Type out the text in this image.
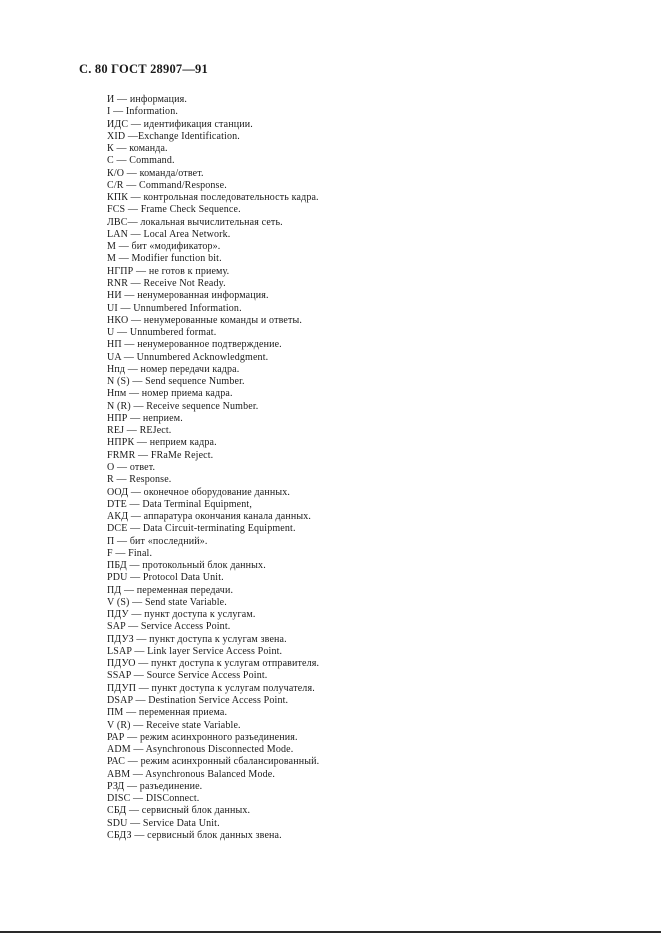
С. 80 ГОСТ 28907—91
И — информация.
I — Information.
ИДС — идентификация станции.
XID —Exchange Identification.
К — команда.
С — Command.
К/О — команда/ответ.
C/R — Command/Response.
КПК — контрольная последовательность кадра.
FCS — Frame Check Sequence.
ЛВС— локальная вычислительная сеть.
LAN — Local Area Network.
М — бит «модификатор».
М — Modifier function bit.
НГПР — не готов к приему.
RNR — Receive Not Ready.
НИ — ненумерованная информация.
UI — Unnumbered Information.
НКО — ненумерованные команды и ответы.
U — Unnumbered format.
НП — ненумерованное подтверждение.
UA — Unnumbered Acknowledgment.
Нпд — номер передачи кадра.
N (S) — Send sequence Number.
Нпм — номер приема кадра.
N (R) — Receive sequence Number.
НПР — неприем.
REJ — REJect.
НПРК — неприем кадра.
FRMR — FRaMe Reject.
О — ответ.
R — Response.
ООД — оконечное оборудование данных.
DTE — Data Terminal Equipment,
АКД — аппаратура окончания канала данных.
DCE — Data Circuit-terminating Equipment.
П — бит «последний».
F — Final.
ПБД — протокольный блок данных.
PDU — Protocol Data Unit.
ПД — переменная передачи.
V (S) — Send state Variable.
ПДУ — пункт доступа к услугам.
SAP — Service Access Point.
ПДУЗ — пункт доступа к услугам звена.
LSAP — Link layer Service Access Point.
ПДУО — пункт доступа к услугам отправителя.
SSAP — Source Service Access Point.
ПДУП — пункт доступа к услугам получателя.
DSAP — Destination Service Access Point.
ПМ — переменная приема.
V (R) — Receive state Variable.
РАР — режим асинхронного разъединения.
ADM — Asynchronous Disconnected Mode.
РАС — режим асинхронный сбалансированный.
ABM — Asynchronous Balanced Mode.
РЗД — разъединение.
DISC — DISConnect.
СБД — сервисный блок данных.
SDU — Service Data Unit.
СБДЗ — сервисный блок данных звена.
